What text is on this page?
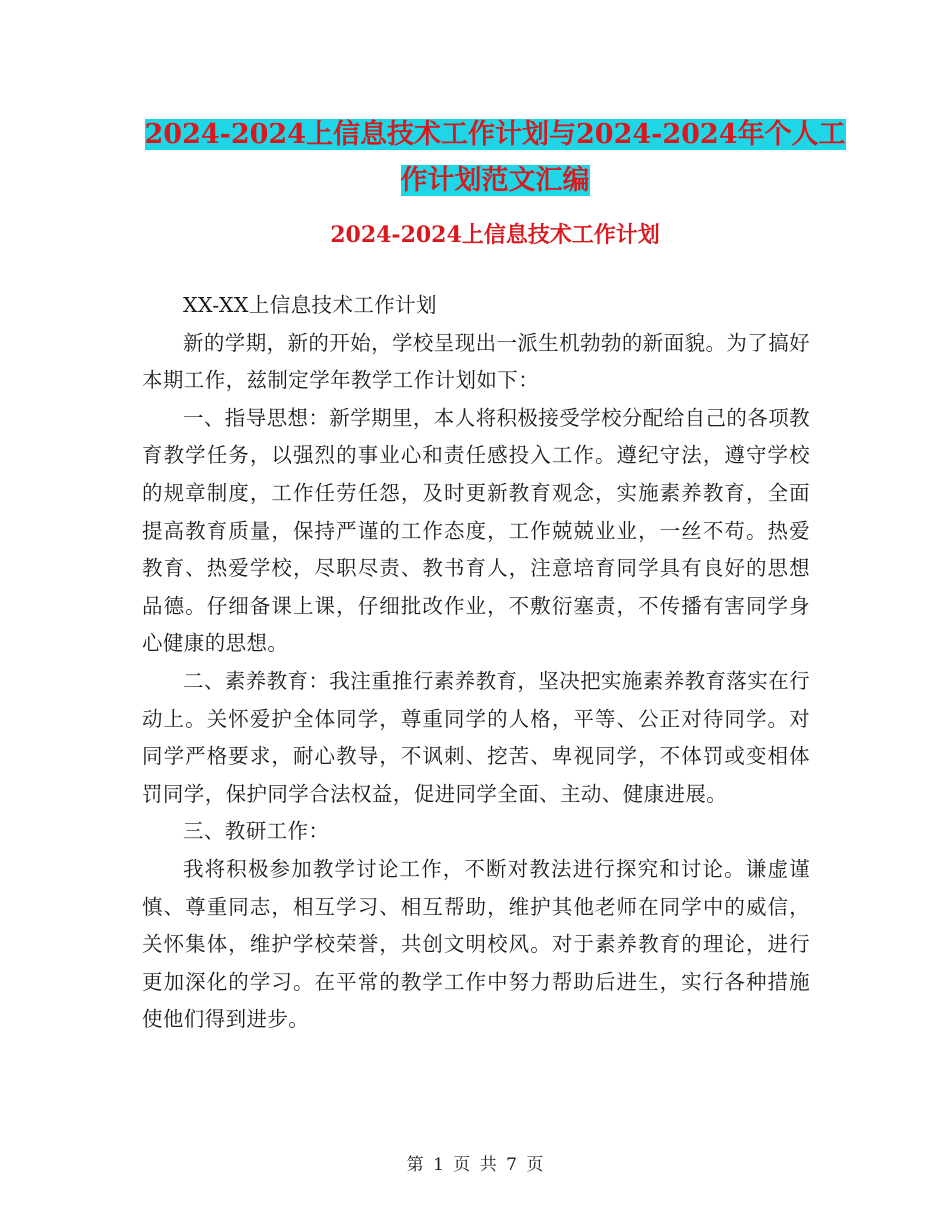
2024-2024上信息技术工作计划与2024-2024年个人工
作计划范文汇编
2024-2024上信息技术工作计划

XX-XX上信息技术工作计划

新的学期，新的开始，学校呈现出一派生机勃勃的新面貌。为了搞好本期工作，兹制定学年教学工作计划如下：

一、指导思想：新学期里，本人将积极接受学校分配给自己的各项教育教学任务，以强烈的事业心和责任感投入工作。遵纪守法，遵守学校的规章制度，工作任劳任怨，及时更新教育观念，实施素养教育，全面提高教育质量，保持严谨的工作态度，工作兢兢业业，一丝不苟。热爱教育、热爱学校，尽职尽责、教书育人，注意培育同学具有良好的思想品德。仔细备课上课，仔细批改作业，不敷衍塞责，不传播有害同学身心健康的思想。

二、素养教育：我注重推行素养教育，坚决把实施素养教育落实在行动上。关怀爱护全体同学，尊重同学的人格，平等、公正对待同学。对同学严格要求，耐心教导，不讽刺、挖苦、卑视同学，不体罚或变相体罚同学，保护同学合法权益，促进同学全面、主动、健康进展。

三、教研工作：

我将积极参加教学讨论工作，不断对教法进行探究和讨论。谦虚谨慎、尊重同志，相互学习、相互帮助，维护其他老师在同学中的威信，关怀集体，维护学校荣誉，共创文明校风。对于素养教育的理论，进行更加深化的学习。在平常的教学工作中努力帮助后进生，实行各种措施使他们得到进步。

第 1 页 共 7 页
